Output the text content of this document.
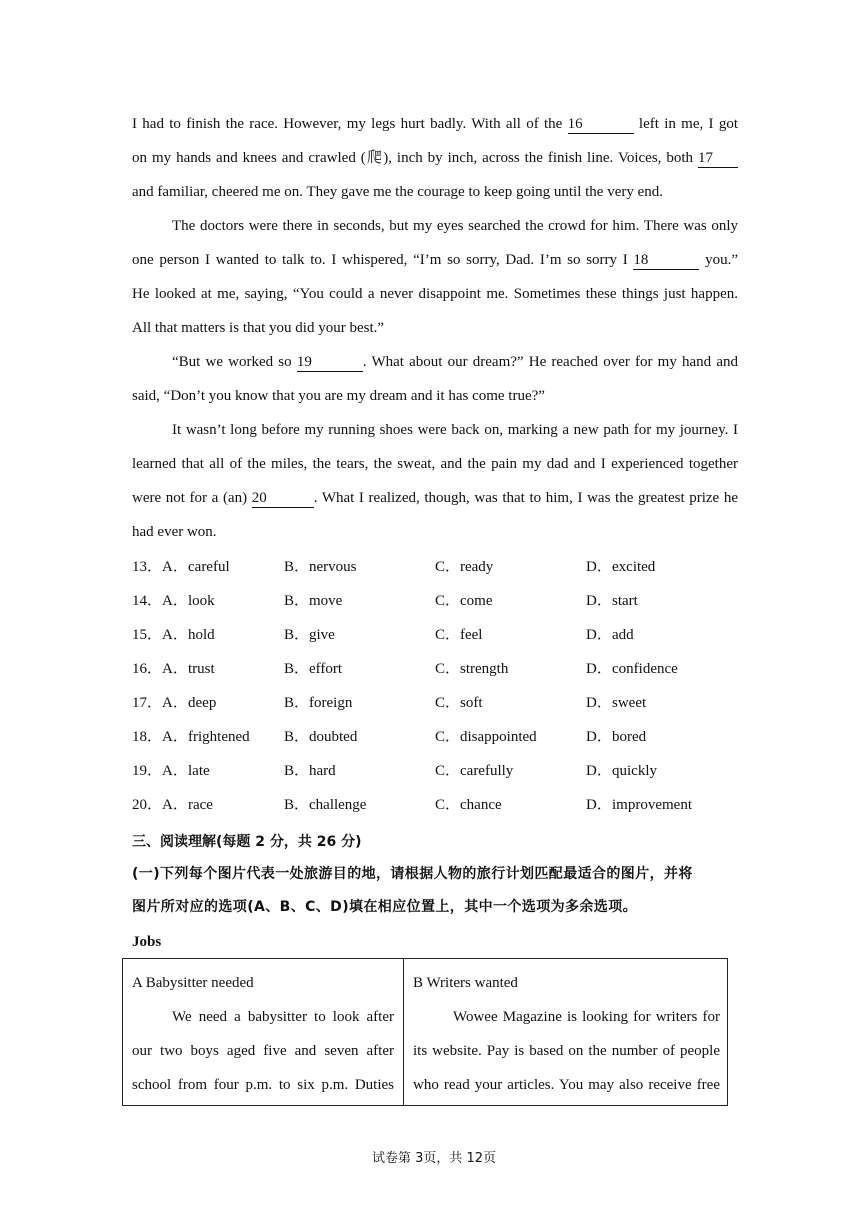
I had to finish the race. However, my legs hurt badly. With all of the 16	left in me, I got
on my hands and knees and crawled (爬), inch by inch, across the finish line. Voices, both 17
and familiar, cheered me on. They gave me the courage to keep going until the very end.
The doctors were there in seconds, but my eyes searched the crowd for him. There was only
one person I wanted to talk to. I whispered, “I’m so sorry, Dad. I’m so sorry I 18	you.”
He looked at me, saying, “You could a never disappoint me. Sometimes these things just happen.
All that matters is that you did your best.”
“But we worked so 19	. What about our dream?” He reached over for my hand and
said, “Don’t you know that you are my dream and it has come true?”
It wasn’t long before my running shoes were back on, marking a new path for my journey. I
learned that all of the miles, the tears, the sweat, and the pain my dad and I experienced together
were not for a (an) 20	. What I realized, though, was that to him, I was the greatest prize he
had ever won.
13．A． careful	B． nervous	C． ready	D． excited
14．A． look	B． move	C． come	D． start
15．A． hold	B． give	C． feel	D． add
16．A． trust	B． effort	C． strength	D． confidence
17．A． deep	B． foreign	C． soft	D． sweet
18．A． frightened B． doubted	C． disappointed	D． bored
19．A． late	B． hard	C． carefully	D． quickly
20．A． race	B． challenge	C． chance	D． improvement
三、阅读理解(每题 2 分，共 26 分)
(一)下列每个图片代表一处旅游目的地，请根据人物的旅行计划匹配最适合的图片，并将
图片所对应的选项(A、B、C、D)填在相应位置上，其中一个选项为多余选项。
Jobs
A Babysitter needed
We need a babysitter to look after
our two boys aged five and seven after
school from four p.m. to six p.m. Duties
B Writers wanted
Wowee Magazine is looking for writers for
its website. Pay is based on the number of people
who read your articles. You may also receive free
试卷第 3页，共 12页
